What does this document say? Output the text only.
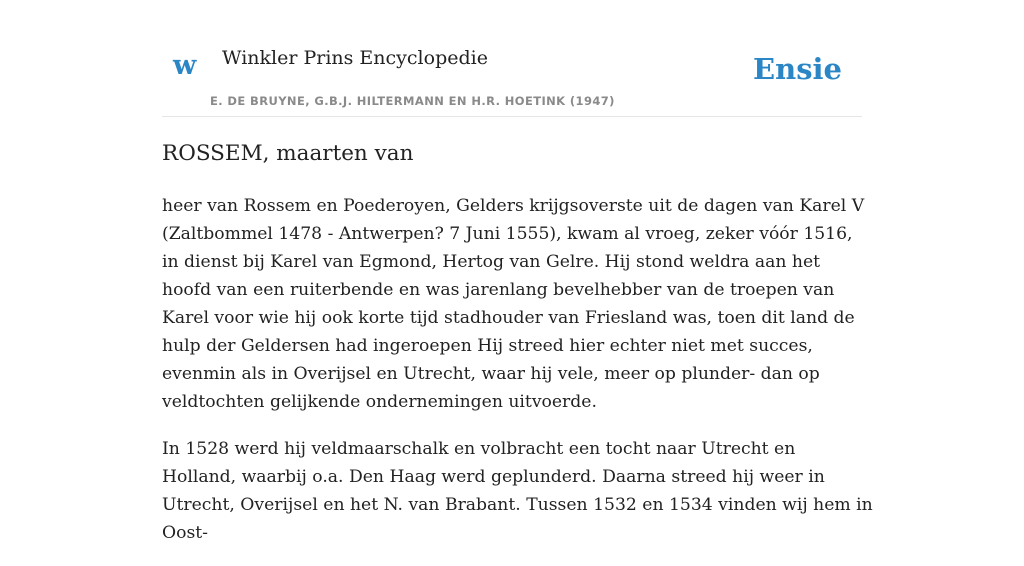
w Winkler Prins Encyclopedie
E. DE BRUYNE, G.B.J. HILTERMANN EN H.R. HOETINK (1947)
Ensie
ROSSEM, maarten van

heer van Rossem en Poederoyen, Gelders krijgsoverste uit de dagen van Karel V (Zaltbommel 1478 - Antwerpen? 7 Juni 1555), kwam al vroeg, zeker vóór 1516, in dienst bij Karel van Egmond, Hertog van Gelre. Hij stond weldra aan het hoofd van een ruiterbende en was jarenlang bevelhebber van de troepen van Karel voor wie hij ook korte tijd stadhouder van Friesland was, toen dit land de hulp der Geldersen had ingeroepen Hij streed hier echter niet met succes, evenmin als in Overijsel en Utrecht, waar hij vele, meer op plunder- dan op veldtochten gelijkende ondernemingen uitvoerde.

In 1528 werd hij veldmaarschalk en volbracht een tocht naar Utrecht en Holland, waarbij o.a. Den Haag werd geplunderd. Daarna streed hij weer in Utrecht, Overijsel en het N. van Brabant. Tussen 1532 en 1534 vinden wij hem in Oost-
